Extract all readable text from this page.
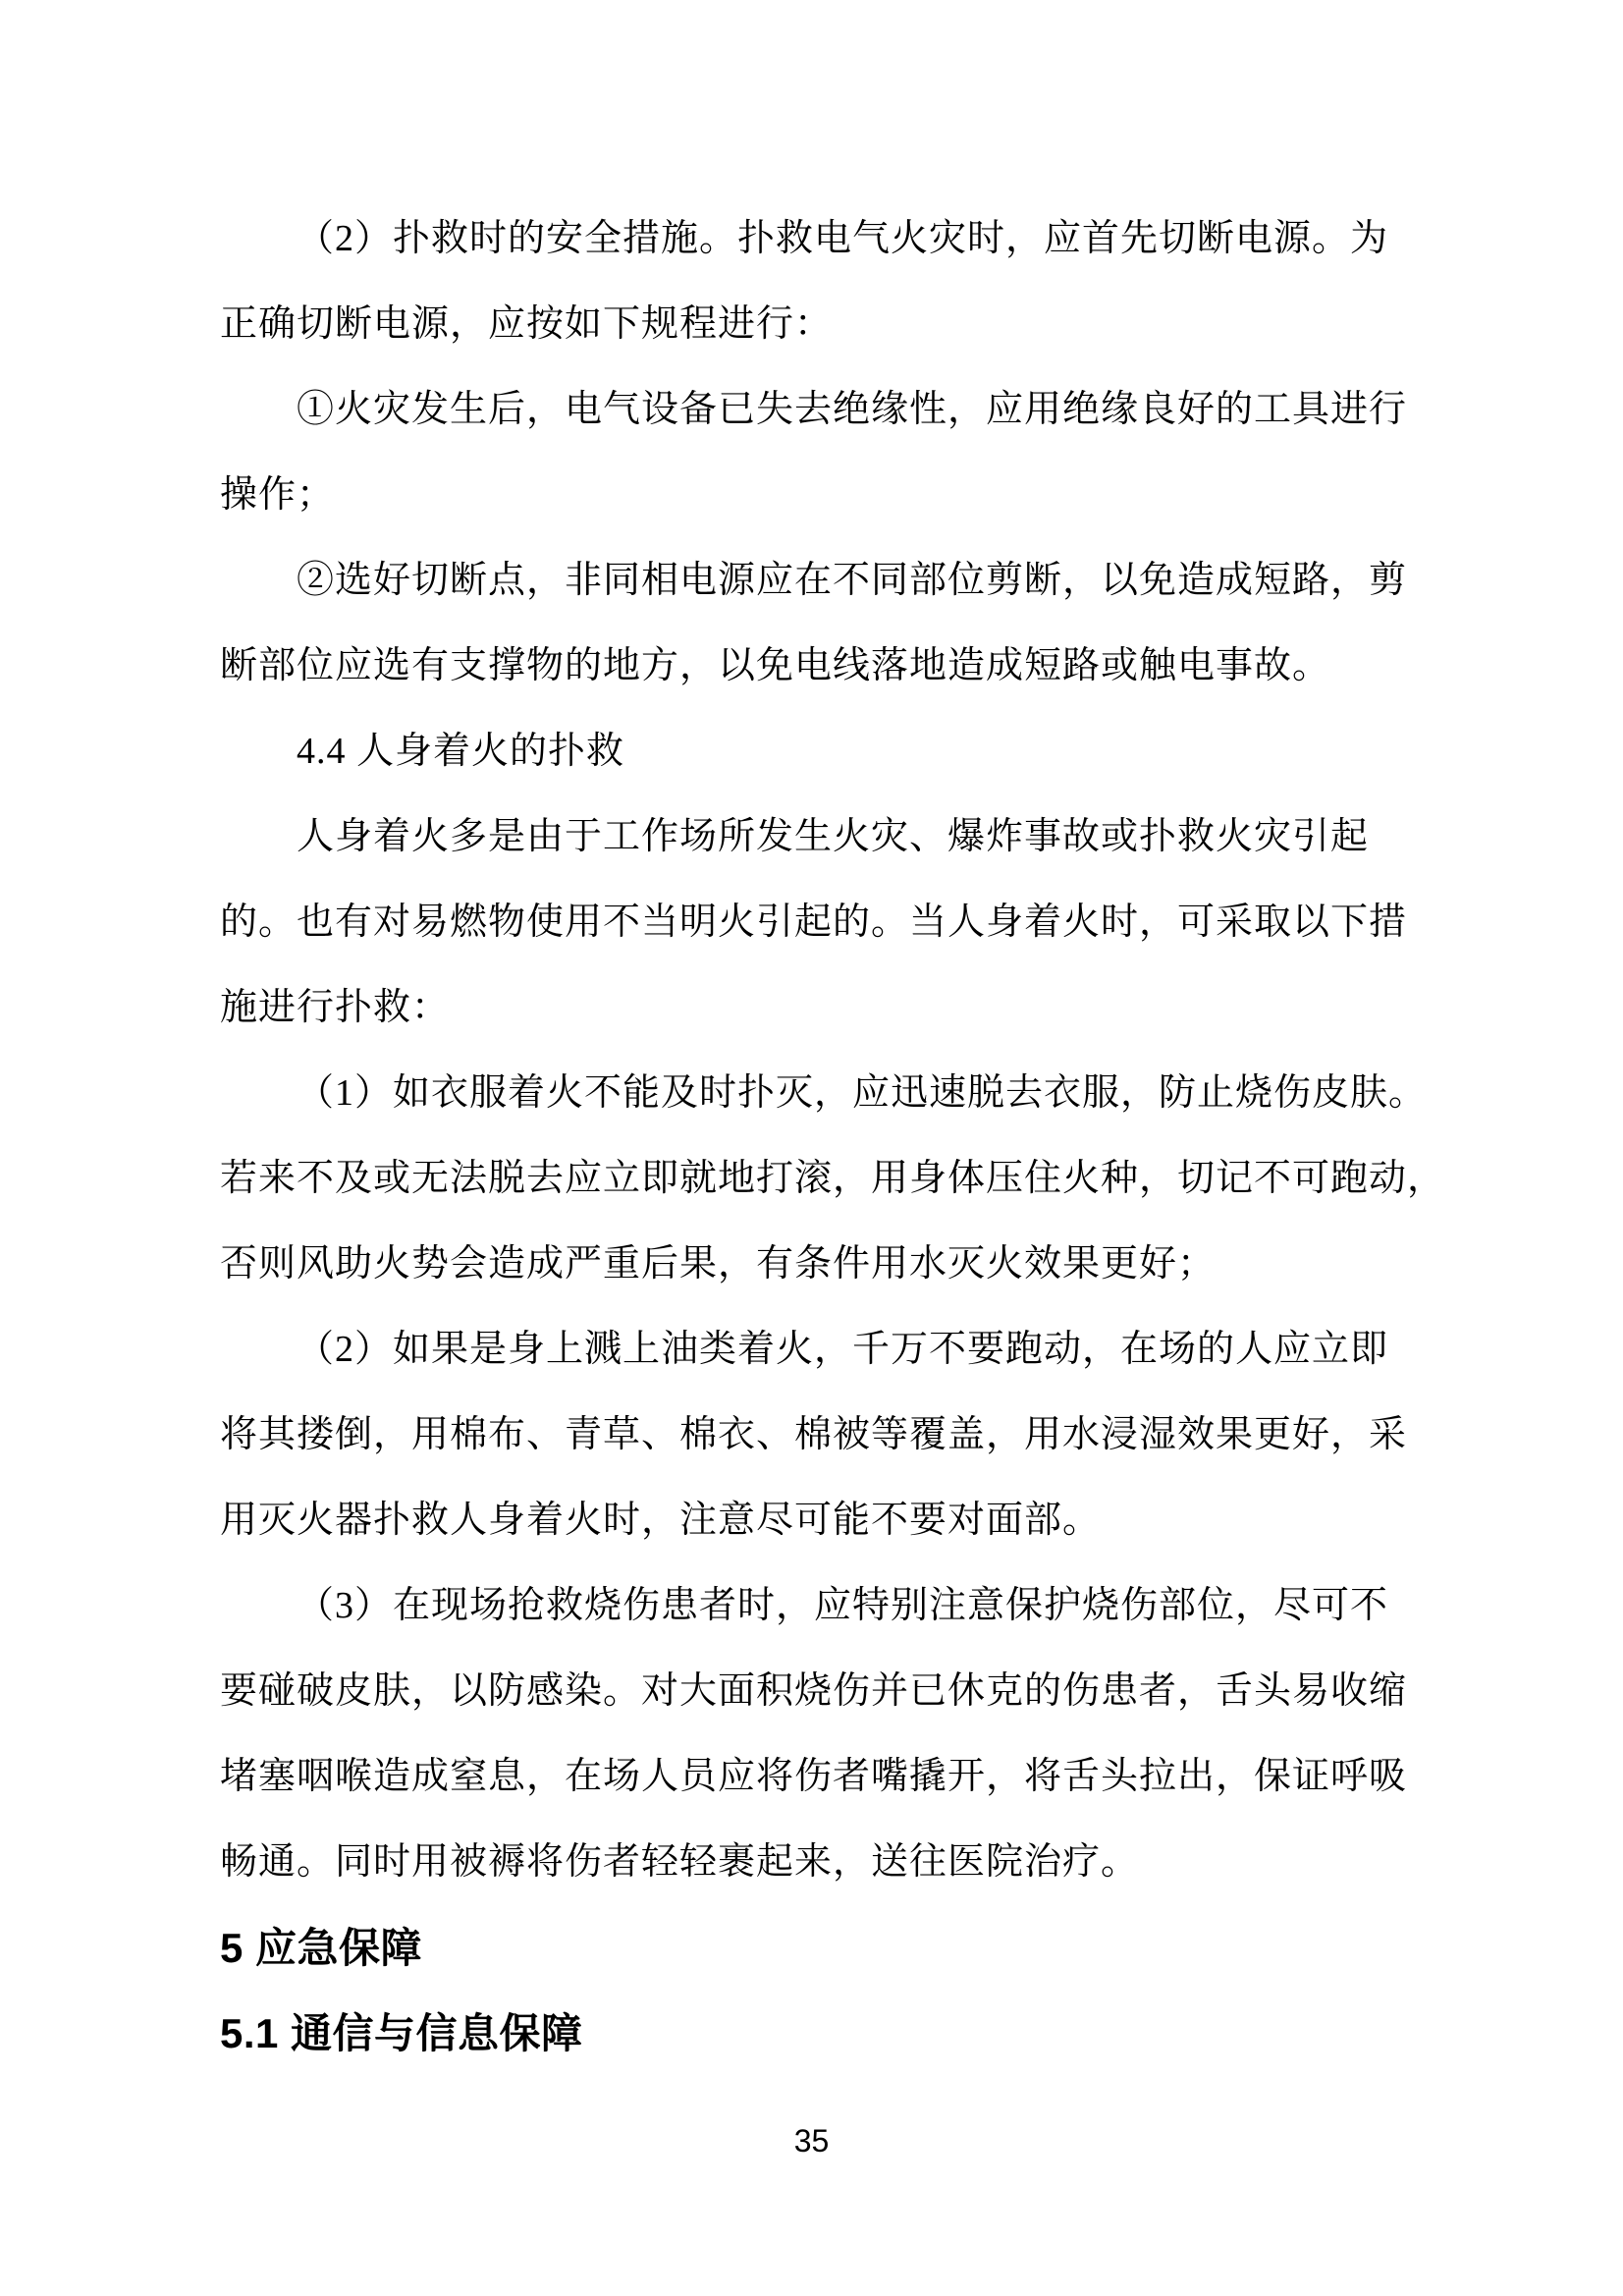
（2）扑救时的安全措施。扑救电气火灾时，应首先切断电源。为
正确切断电源，应按如下规程进行：
①火灾发生后，电气设备已失去绝缘性，应用绝缘良好的工具进行
操作；
②选好切断点，非同相电源应在不同部位剪断，以免造成短路，剪
断部位应选有支撑物的地方，以免电线落地造成短路或触电事故。
4.4 人身着火的扑救
人身着火多是由于工作场所发生火灾、爆炸事故或扑救火灾引起
的。也有对易燃物使用不当明火引起的。当人身着火时，可采取以下措
施进行扑救：
（1）如衣服着火不能及时扑灭，应迅速脱去衣服，防止烧伤皮肤。
若来不及或无法脱去应立即就地打滚，用身体压住火种，切记不可跑动，
否则风助火势会造成严重后果，有条件用水灭火效果更好；
（2）如果是身上溅上油类着火，千万不要跑动，在场的人应立即
将其搂倒，用棉布、青草、棉衣、棉被等覆盖，用水浸湿效果更好，采
用灭火器扑救人身着火时，注意尽可能不要对面部。
（3）在现场抢救烧伤患者时，应特别注意保护烧伤部位，尽可不
要碰破皮肤，以防感染。对大面积烧伤并已休克的伤患者，舌头易收缩
堵塞咽喉造成窒息，在场人员应将伤者嘴撬开，将舌头拉出，保证呼吸
畅通。同时用被褥将伤者轻轻裹起来，送往医院治疗。
5 应急保障
5.1 通信与信息保障
35
